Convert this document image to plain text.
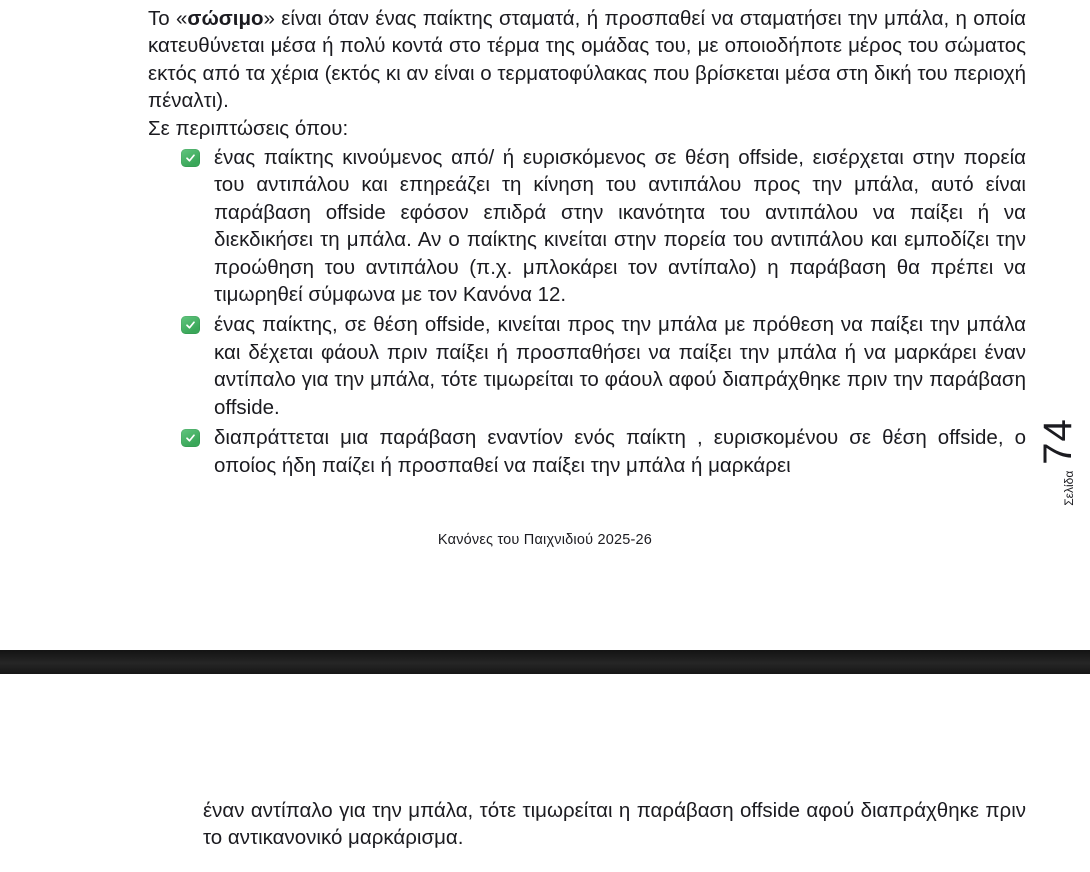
Το «σώσιμο» είναι όταν ένας παίκτης σταματά, ή προσπαθεί να σταματήσει την μπάλα, η οποία κατευθύνεται μέσα ή πολύ κοντά στο τέρμα της ομάδας του, με οποιοδήποτε μέρος του σώματος εκτός από τα χέρια (εκτός κι αν είναι ο τερματοφύλακας που βρίσκεται μέσα στη δική του περιοχή πέναλτι).

Σε περιπτώσεις όπου:

ένας παίκτης κινούμενος από/ ή ευρισκόμενος σε θέση offside, εισέρχεται στην πορεία του αντιπάλου και επηρεάζει τη κίνηση του αντιπάλου προς την μπάλα, αυτό είναι παράβαση offside εφόσον επιδρά στην ικανότητα του αντιπάλου να παίξει ή να διεκδικήσει τη μπάλα. Αν ο παίκτης κινείται στην πορεία του αντιπάλου και εμποδίζει την προώθηση του αντιπάλου (π.χ. μπλοκάρει τον αντίπαλο) η παράβαση θα πρέπει να τιμωρηθεί σύμφωνα με τον Κανόνα 12.
ένας παίκτης, σε θέση offside, κινείται προς την μπάλα με πρόθεση να παίξει την μπάλα και δέχεται φάουλ πριν παίξει ή προσπαθήσει να παίξει την μπάλα ή να μαρκάρει έναν αντίπαλο για την μπάλα, τότε τιμωρείται το φάουλ αφού διαπράχθηκε πριν την παράβαση offside.
διαπράττεται μια παράβαση εναντίον ενός παίκτη , ευρισκομένου σε θέση offside, ο οποίος ήδη παίζει ή προσπαθεί να παίξει την μπάλα ή μαρκάρει
Κανόνες του Παιχνιδιού 2025-26
Σελίδα
74

έναν αντίπαλο για την μπάλα, τότε τιμωρείται η παράβαση offside αφού διαπράχθηκε πριν το αντικανονικό μαρκάρισμα.
